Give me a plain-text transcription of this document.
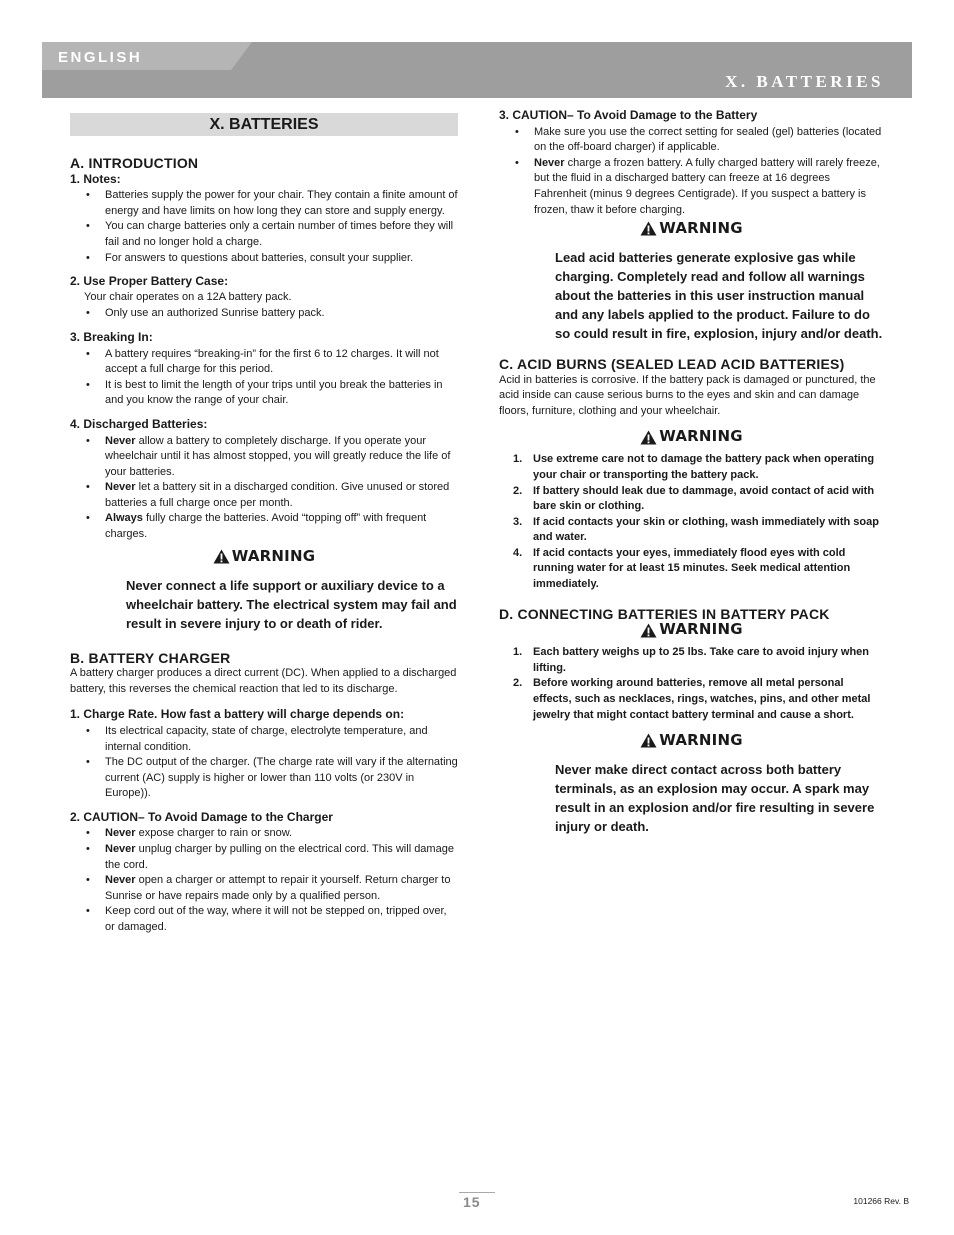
ENGLISH
X. BATTERIES
X. BATTERIES
A. INTRODUCTION
1. Notes:
• Batteries supply the power for your chair. They contain a finite amount of energy and have limits on how long they can store and supply energy.
• You can charge batteries only a certain number of times before they will fail and no longer hold a charge.
• For answers to questions about batteries, consult your supplier.
2. Use Proper Battery Case:

Your chair operates on a 12A battery pack.

• Only use an authorized Sunrise battery pack.
3. Breaking In:
• A battery requires “breaking-in” for the first 6 to 12 charges. It will not accept a full charge for this period.
• It is best to limit the length of your trips until you break the batteries in and you know the range of your chair.
4. Discharged Batteries:
• Never allow a battery to completely discharge. If you operate your wheelchair until it has almost stopped, you will greatly reduce the life of your batteries.
• Never let a battery sit in a discharged condition. Give unused or stored batteries a full charge once per month.
• Always fully charge the batteries. Avoid “topping off” with frequent charges.
WARNING
Never connect a life support or auxiliary device to a wheelchair battery. The electrical system may fail and result in severe injury to or death of rider.
B. BATTERY CHARGER

A battery charger produces a direct current (DC). When applied to a discharged battery, this reverses the chemical reaction that led to its discharge.

1. Charge Rate. How fast a battery will charge depends on:
• Its electrical capacity, state of charge, electrolyte temperature, and internal condition.
• The DC output of the charger. (The charge rate will vary if the alternating current (AC) supply is higher or lower than 110 volts (or 230V in Europe)).
2. CAUTION– To Avoid Damage to the Charger
• Never expose charger to rain or snow.
• Never unplug charger by pulling on the electrical cord. This will damage the cord.
• Never open a charger or attempt to repair it yourself. Return charger to Sunrise or have repairs made only by a qualified person.
• Keep cord out of the way, where it will not be stepped on, tripped over, or damaged.
3. CAUTION– To Avoid Damage to the Battery
• Make sure you use the correct setting for sealed (gel) batteries (located on the off-board charger) if applicable.
• Never charge a frozen battery. A fully charged battery will rarely freeze, but the fluid in a discharged battery can freeze at 16 degrees Fahrenheit (minus 9 degrees Centigrade). If you suspect a battery is frozen, thaw it before charging.
WARNING
Lead acid batteries generate explosive gas while charging. Completely read and follow all warnings about the batteries in this user instruction manual and any labels applied to the product. Failure to do so could result in fire, explosion, injury and/or death.
C. ACID BURNS (SEALED LEAD ACID BATTERIES)

Acid in batteries is corrosive. If the battery pack is damaged or punctured, the acid inside can cause serious burns to the eyes and skin and can damage floors, furniture, clothing and your wheelchair.

WARNING
1. Use extreme care not to damage the battery pack when operating your chair or transporting the battery pack.
2. If battery should leak due to dammage, avoid contact of acid with bare skin or clothing.
3. If acid contacts your skin or clothing, wash immediately with soap and water.
4. If acid contacts your eyes, immediately flood eyes with cold running water for at least 15 minutes. Seek medical attention immediately.
D. CONNECTING BATTERIES IN BATTERY PACK
WARNING
1. Each battery weighs up to 25 lbs. Take care to avoid injury when lifting.
2. Before working around batteries, remove all metal personal effects, such as necklaces, rings, watches, pins, and other metal jewelry that might contact battery terminal and cause a short.
WARNING
Never make direct contact across both battery terminals, as an explosion may occur. A spark may result in an explosion and/or fire resulting in severe injury or death.
15	101266 Rev. B
